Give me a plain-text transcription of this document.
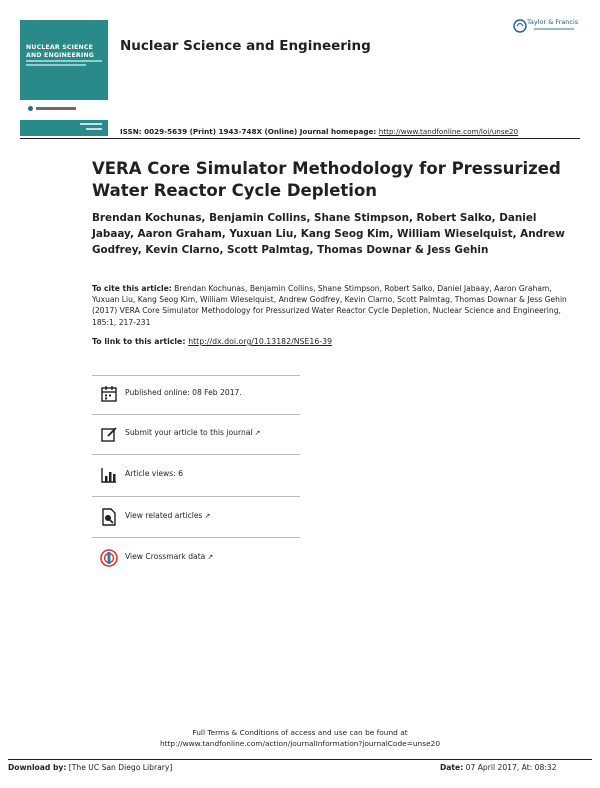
NUCLEAR SCIENCE
AND ENGINEERING
Nuclear Science and Engineering
Taylor & Francis
ISSN: 0029-5639 (Print) 1943-748X (Online) Journal homepage: http://www.tandfonline.com/loi/unse20
VERA Core Simulator Methodology for Pressurized Water Reactor Cycle Depletion
Brendan Kochunas, Benjamin Collins, Shane Stimpson, Robert Salko, Daniel Jabaay, Aaron Graham, Yuxuan Liu, Kang Seog Kim, William Wieselquist, Andrew Godfrey, Kevin Clarno, Scott Palmtag, Thomas Downar & Jess Gehin
To cite this article: Brendan Kochunas, Benjamin Collins, Shane Stimpson, Robert Salko, Daniel Jabaay, Aaron Graham, Yuxuan Liu, Kang Seog Kim, William Wieselquist, Andrew Godfrey, Kevin Clarno, Scott Palmtag, Thomas Downar & Jess Gehin (2017) VERA Core Simulator Methodology for Pressurized Water Reactor Cycle Depletion, Nuclear Science and Engineering, 185:1, 217-231
To link to this article: http://dx.doi.org/10.13182/NSE16-39
Published online: 08 Feb 2017.
Submit your article to this journal ↗
Article views: 6
View related articles ↗
View Crossmark data ↗
Full Terms & Conditions of access and use can be found at
http://www.tandfonline.com/action/journalInformation?journalCode=unse20
Download by: [The UC San Diego Library]	Date: 07 April 2017, At: 08:32
